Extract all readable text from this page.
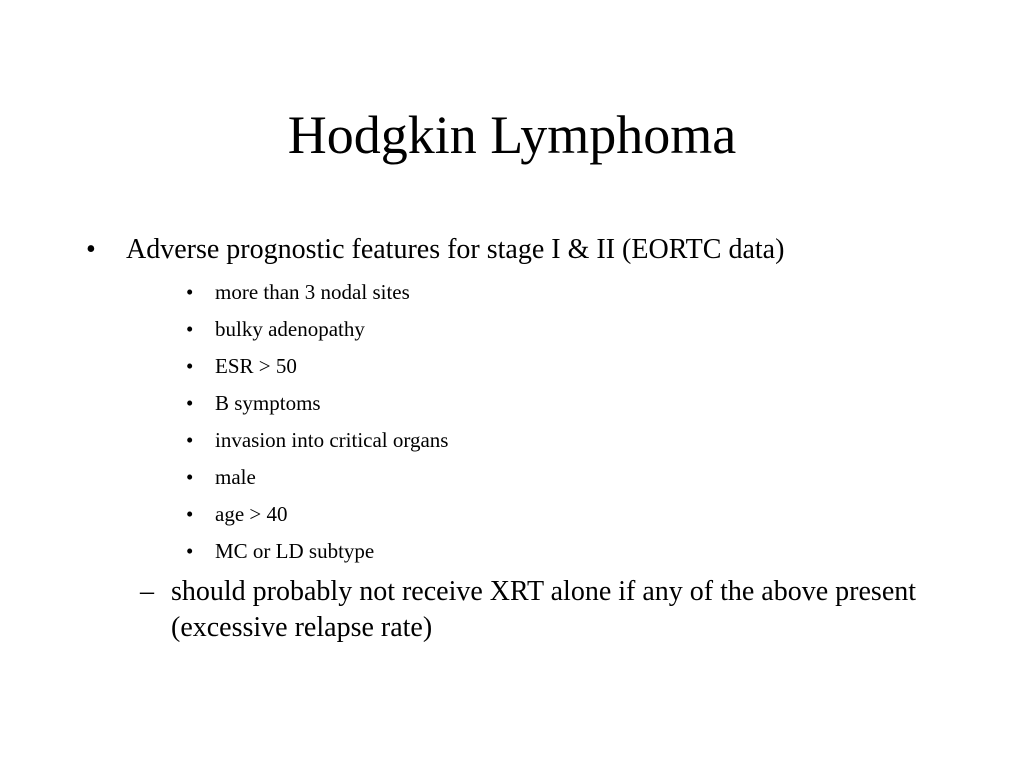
Hodgkin Lymphoma
• Adverse prognostic features for stage I & II (EORTC data)
• more than 3 nodal sites
• bulky adenopathy
• ESR > 50
• B symptoms
• invasion into critical organs
• male
• age > 40
• MC or LD subtype
– should probably not receive XRT alone if any of the above present (excessive relapse rate)
